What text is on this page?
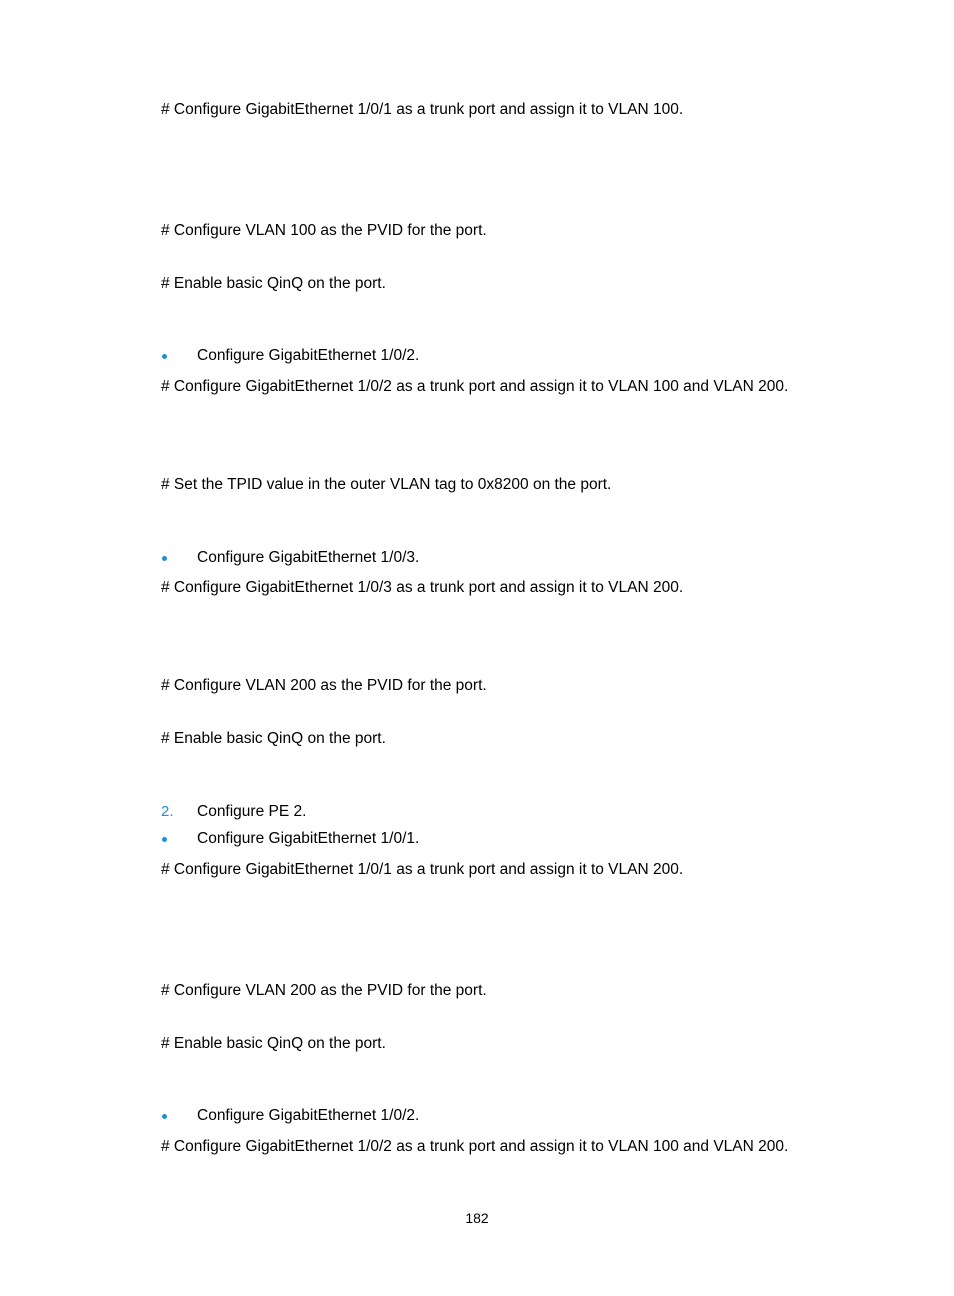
# Configure GigabitEthernet 1/0/1 as a trunk port and assign it to VLAN 100.
# Configure VLAN 100 as the PVID for the port.
# Enable basic QinQ on the port.
Configure GigabitEthernet 1/0/2.
# Configure GigabitEthernet 1/0/2 as a trunk port and assign it to VLAN 100 and VLAN 200.
# Set the TPID value in the outer VLAN tag to 0x8200 on the port.
Configure GigabitEthernet 1/0/3.
# Configure GigabitEthernet 1/0/3 as a trunk port and assign it to VLAN 200.
# Configure VLAN 200 as the PVID for the port.
# Enable basic QinQ on the port.
2. Configure PE 2.
Configure GigabitEthernet 1/0/1.
# Configure GigabitEthernet 1/0/1 as a trunk port and assign it to VLAN 200.
# Configure VLAN 200 as the PVID for the port.
# Enable basic QinQ on the port.
Configure GigabitEthernet 1/0/2.
# Configure GigabitEthernet 1/0/2 as a trunk port and assign it to VLAN 100 and VLAN 200.
182
